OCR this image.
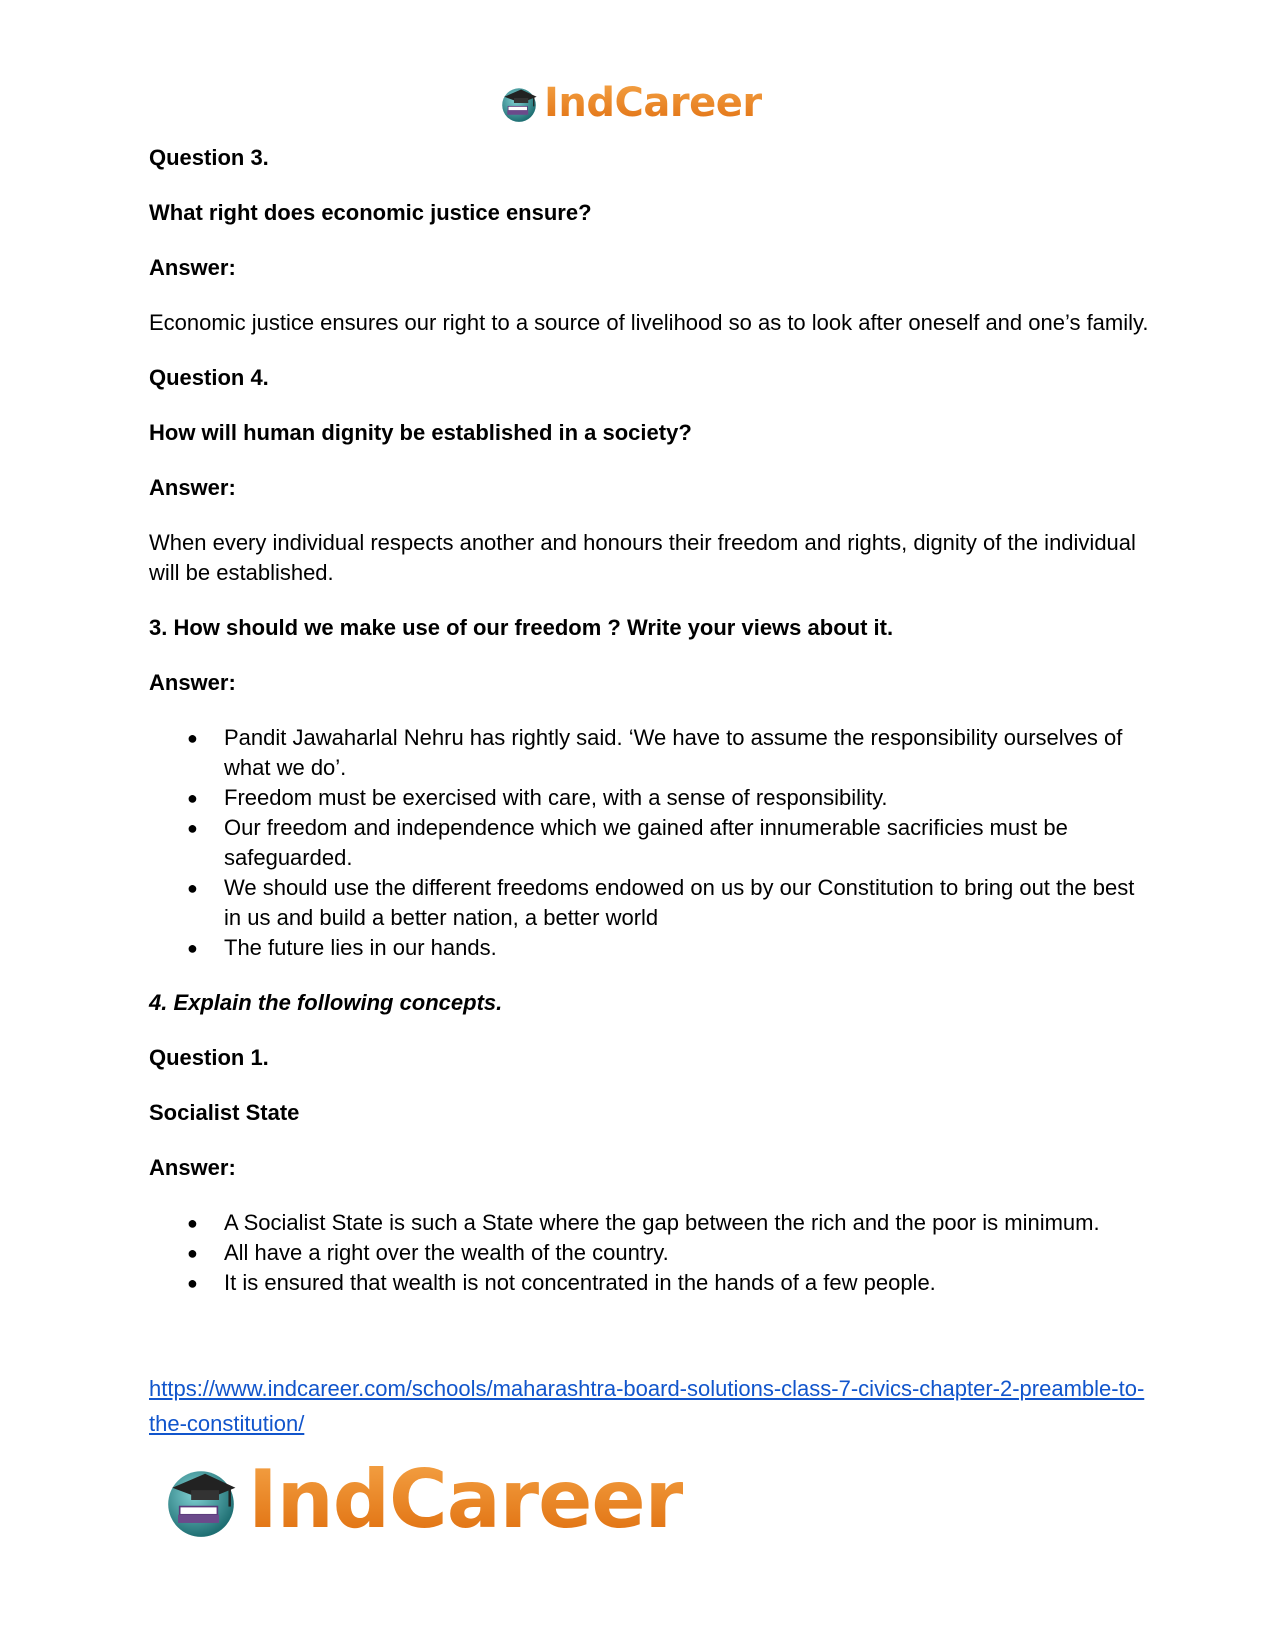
IndCareer

Question 3.

What right does economic justice ensure?

Answer:

Economic justice ensures our right to a source of livelihood so as to look after oneself and one’s family.

Question 4.

How will human dignity be established in a society?

Answer:

When every individual respects another and honours their freedom and rights, dignity of the individual will be established.

3. How should we make use of our freedom ? Write your views about it.

Answer:

● Pandit Jawaharlal Nehru has rightly said. ‘We have to assume the responsibility ourselves of what we do’.
● Freedom must be exercised with care, with a sense of responsibility.
● Our freedom and independence which we gained after innumerable sacrificies must be safeguarded.
● We should use the different freedoms endowed on us by our Constitution to bring out the best in us and build a better nation, a better world
● The future lies in our hands.

4. Explain the following concepts.

Question 1.

Socialist State

Answer:

● A Socialist State is such a State where the gap between the rich and the poor is minimum.
● All have a right over the wealth of the country.
● It is ensured that wealth is not concentrated in the hands of a few people.
https://www.indcareer.com/schools/maharashtra-board-solutions-class-7-civics-chapter-2-preamble-to-the-constitution/
IndCareer
